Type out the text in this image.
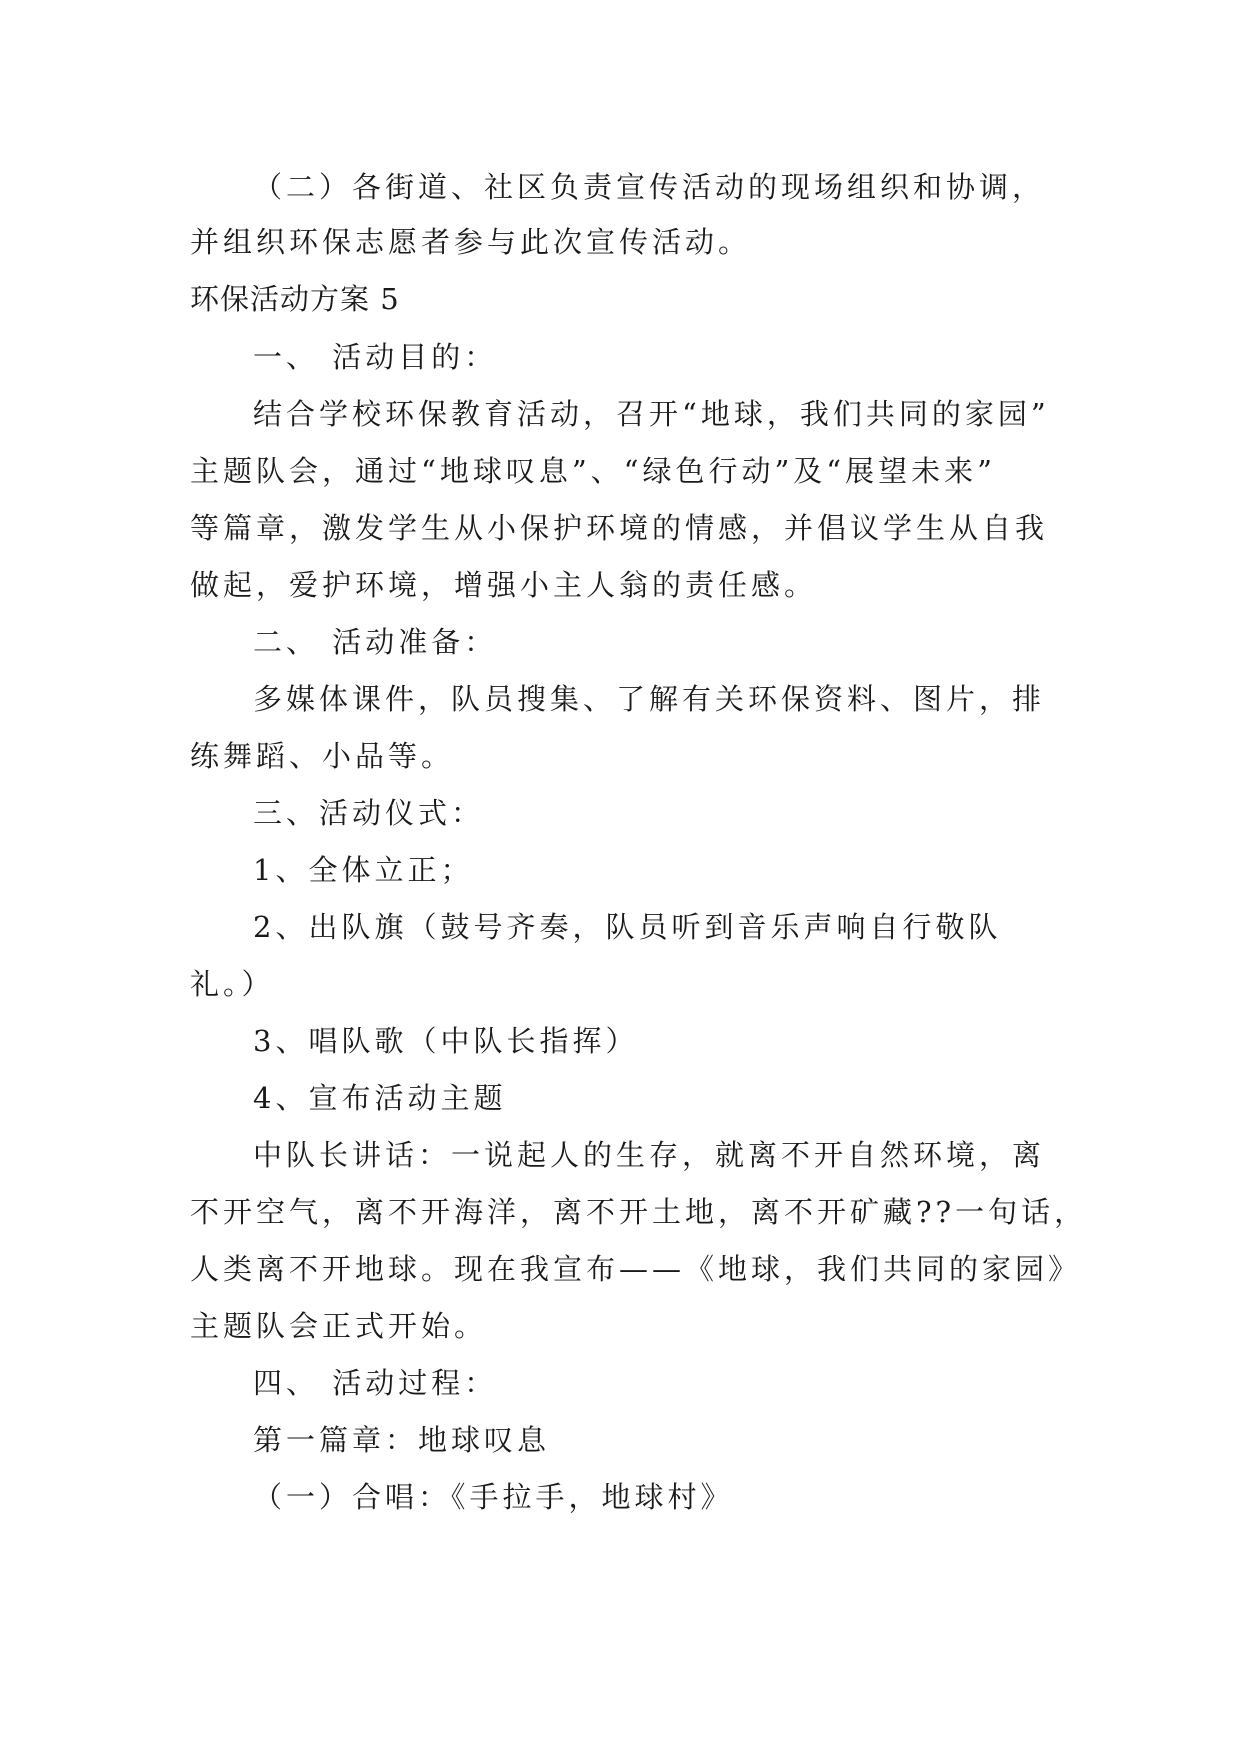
（二）各街道、社区负责宣传活动的现场组织和协调，
并组织环保志愿者参与此次宣传活动。
环保活动方案 5
一、 活动目的：
结合学校环保教育活动，召开“地球，我们共同的家园”
主题队会，通过“地球叹息”、“绿色行动”及“展望未来”
等篇章，激发学生从小保护环境的情感，并倡议学生从自我
做起，爱护环境，增强小主人翁的责任感。
二、 活动准备：
多媒体课件，队员搜集、了解有关环保资料、图片，排
练舞蹈、小品等。
三、活动仪式：
1、全体立正；
2、出队旗（鼓号齐奏，队员听到音乐声响自行敬队
礼。）
3、唱队歌（中队长指挥）
4、宣布活动主题
中队长讲话：一说起人的生存，就离不开自然环境，离
不开空气，离不开海洋，离不开土地，离不开矿藏??一句话，
人类离不开地球。现在我宣布——《地球，我们共同的家园》
主题队会正式开始。
四、 活动过程：
第一篇章：地球叹息
（一）合唱：《手拉手，地球村》
